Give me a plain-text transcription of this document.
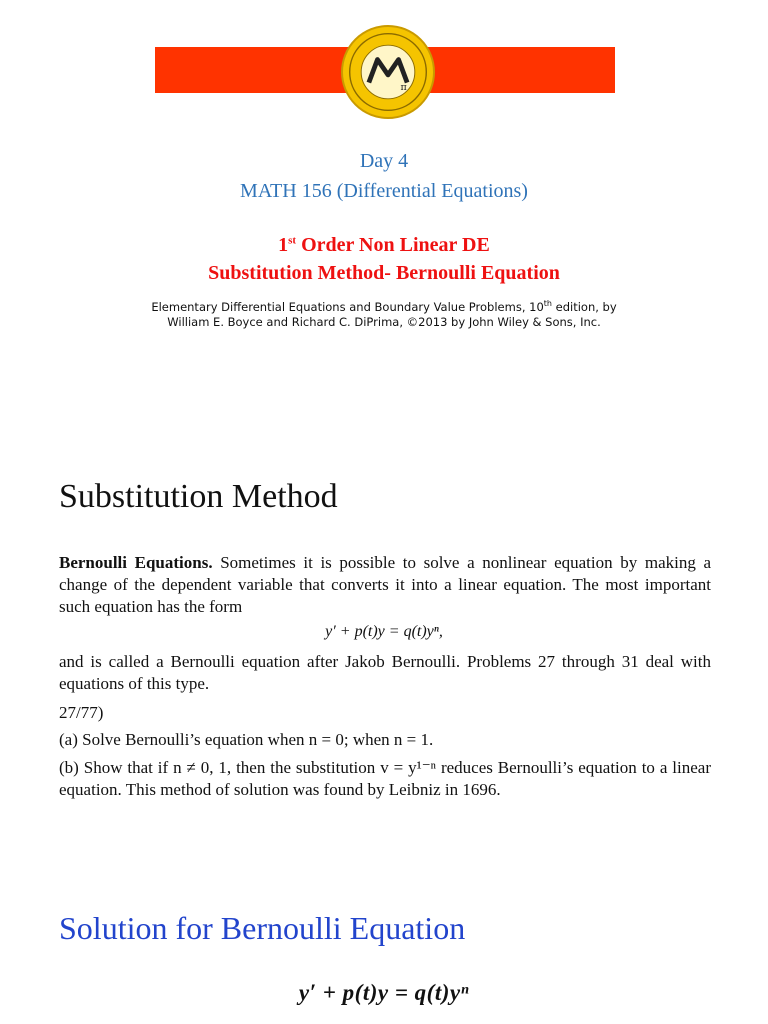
π
Day 4
MATH 156 (Differential Equations)
1st Order Non Linear DE
Substitution Method- Bernoulli Equation
Elementary Differential Equations and Boundary Value Problems, 10th edition, by
William E. Boyce and Richard C. DiPrima, ©2013 by John Wiley & Sons, Inc.
Substitution Method
Bernoulli Equations. Sometimes it is possible to solve a nonlinear equation by making a change of the dependent variable that converts it into a linear equation. The most important such equation has the form
y′ + p(t)y = q(t)yⁿ,
and is called a Bernoulli equation after Jakob Bernoulli. Problems 27 through 31 deal with equations of this type.
27/77)
(a) Solve Bernoulli’s equation when n = 0; when n = 1.
(b) Show that if n ≠ 0, 1, then the substitution v = y¹⁻ⁿ reduces Bernoulli’s equation to a linear equation. This method of solution was found by Leibniz in 1696.
Solution for Bernoulli Equation
y′ + p(t)y = q(t)yⁿ
